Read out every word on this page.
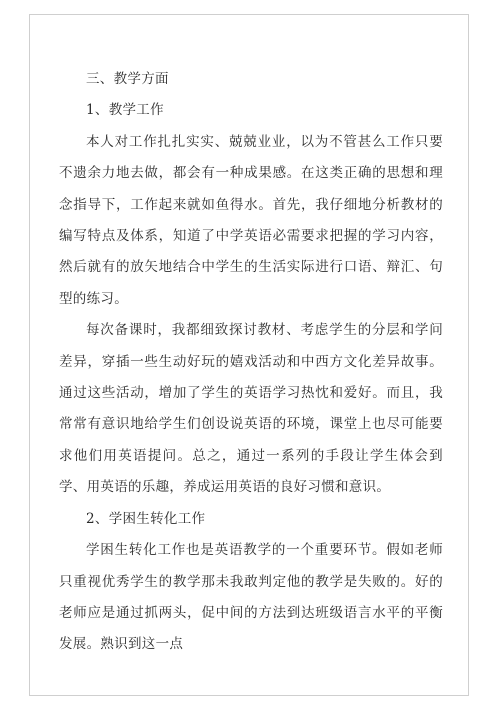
三、教学方面

1、教学工作

本人对工作扎扎实实、兢兢业业，以为不管甚么工作只要不遗余力地去做，都会有一种成果感。在这类正确的思想和理念指导下，工作起来就如鱼得水。首先，我仔细地分析教材的编写特点及体系，知道了中学英语必需要求把握的学习内容，然后就有的放矢地结合中学生的生活实际进行口语、辩汇、句型的练习。

每次备课时，我都细致探讨教材、考虑学生的分层和学问差异，穿插一些生动好玩的嬉戏活动和中西方文化差异故事。通过这些活动，增加了学生的英语学习热忱和爱好。而且，我常常有意识地给学生们创设说英语的环境，课堂上也尽可能要求他们用英语提问。总之，通过一系列的手段让学生体会到学、用英语的乐趣，养成运用英语的良好习惯和意识。

2、学困生转化工作

学困生转化工作也是英语教学的一个重要环节。假如老师只重视优秀学生的教学那未我敢判定他的教学是失败的。好的老师应是通过抓两头，促中间的方法到达班级语言水平的平衡发展。熟识到这一点
